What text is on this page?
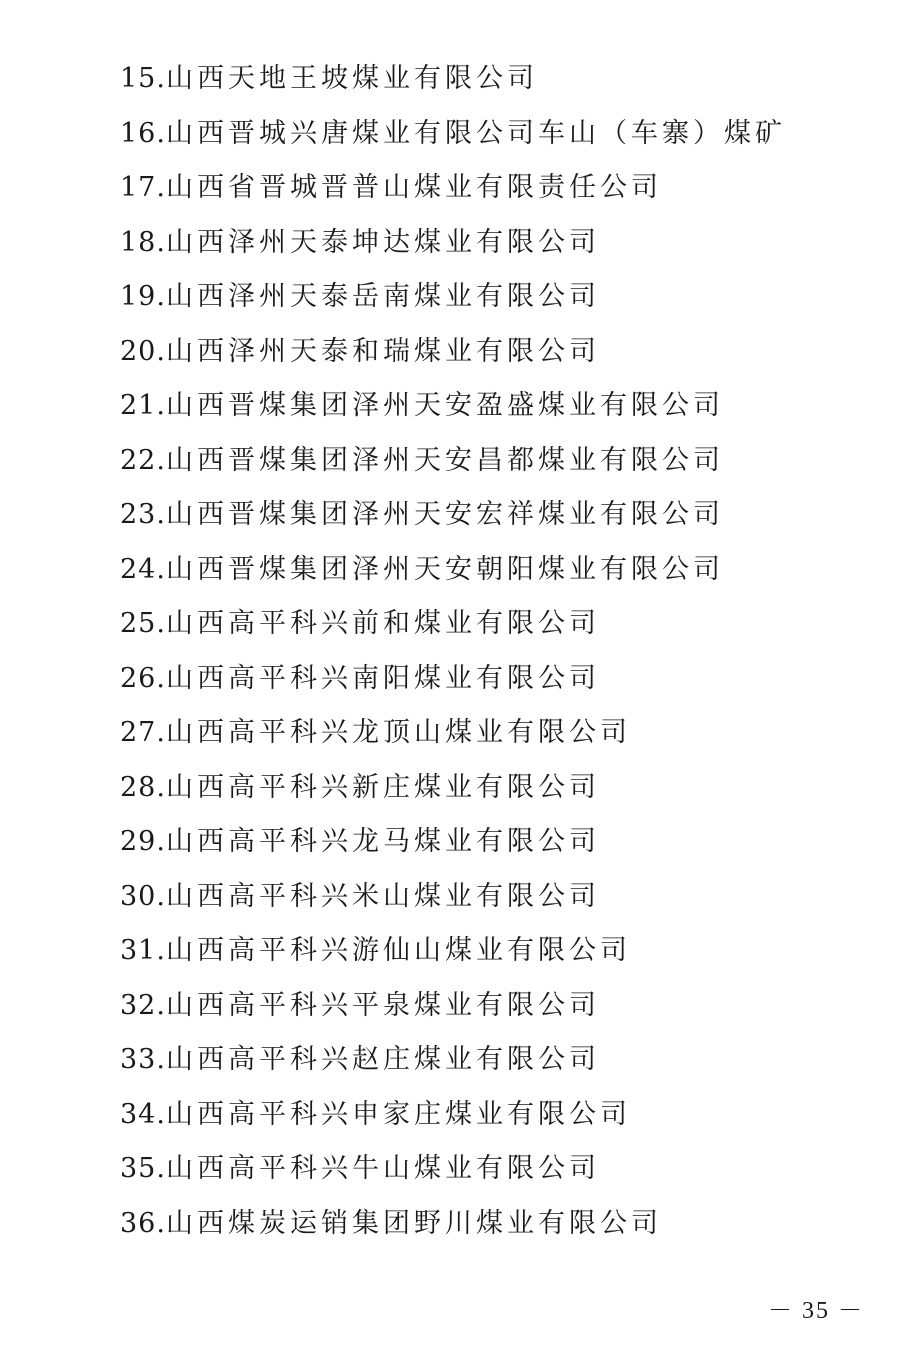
15.山西天地王坡煤业有限公司
16.山西晋城兴唐煤业有限公司车山（车寨）煤矿
17.山西省晋城晋普山煤业有限责任公司
18.山西泽州天泰坤达煤业有限公司
19.山西泽州天泰岳南煤业有限公司
20.山西泽州天泰和瑞煤业有限公司
21.山西晋煤集团泽州天安盈盛煤业有限公司
22.山西晋煤集团泽州天安昌都煤业有限公司
23.山西晋煤集团泽州天安宏祥煤业有限公司
24.山西晋煤集团泽州天安朝阳煤业有限公司
25.山西高平科兴前和煤业有限公司
26.山西高平科兴南阳煤业有限公司
27.山西高平科兴龙顶山煤业有限公司
28.山西高平科兴新庄煤业有限公司
29.山西高平科兴龙马煤业有限公司
30.山西高平科兴米山煤业有限公司
31.山西高平科兴游仙山煤业有限公司
32.山西高平科兴平泉煤业有限公司
33.山西高平科兴赵庄煤业有限公司
34.山西高平科兴申家庄煤业有限公司
35.山西高平科兴牛山煤业有限公司
36.山西煤炭运销集团野川煤业有限公司
－ 35 －
